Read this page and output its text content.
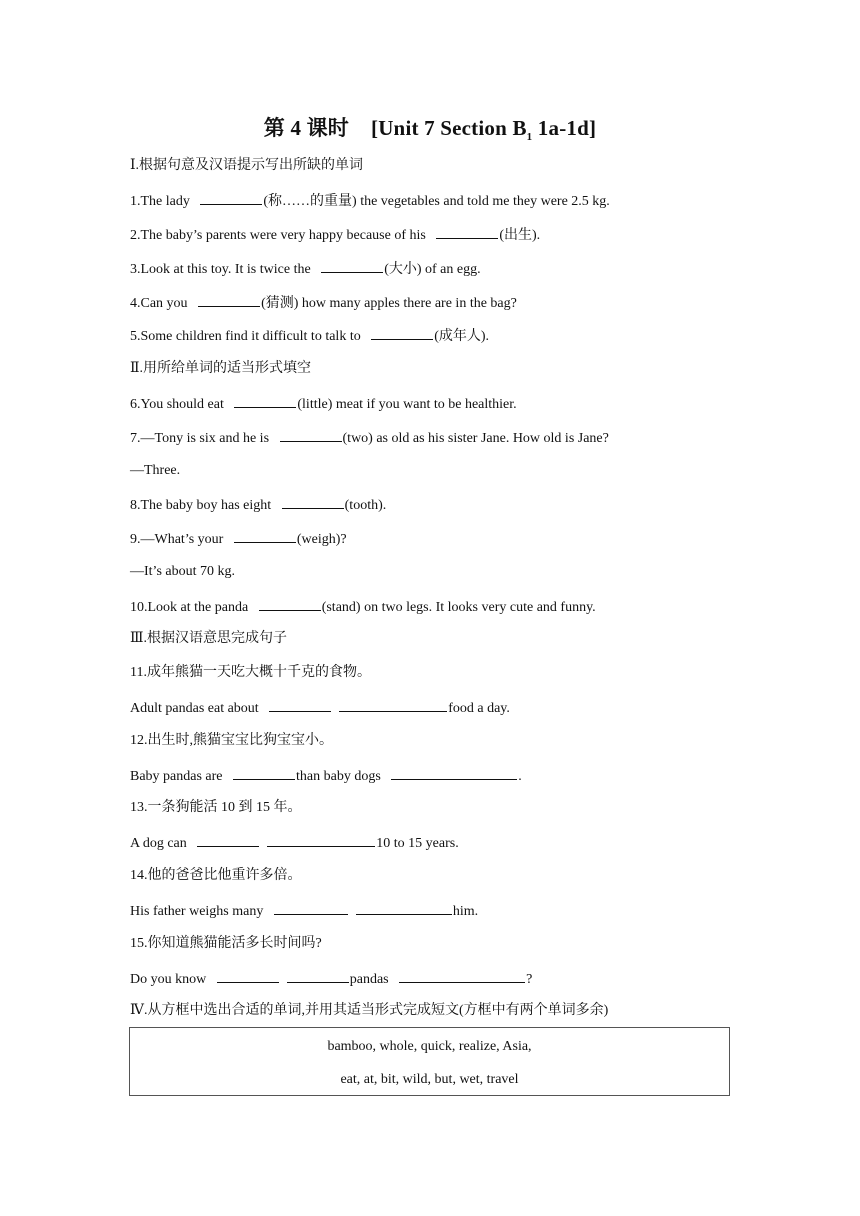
第 4 课时 [Unit 7 Section $B_1$ 1a-1d]
Ⅰ.根据句意及汉语提示写出所缺的单词
1.The lady	(称……的重量) the vegetables and told me they were 2.5 kg.
2.The baby’s parents were very happy because of his	(出生).
3.Look at this toy. It is twice the	(大小) of an egg.
4.Can you	(猜测) how many apples there are in the bag?
5.Some children find it difficult to talk to	(成年人).
Ⅱ.用所给单词的适当形式填空
6.You should eat	(little) meat if you want to be healthier.
7.—Tony is six and he is	(two) as old as his sister Jane. How old is Jane?
—Three.
8.The baby boy has eight	(tooth).
9.—What’s your	(weigh)?
—It’s about 70 kg.
10.Look at the panda	(stand) on two legs. It looks very cute and funny.
Ⅲ.根据汉语意思完成句子
11.成年熊猫一天吃大概十千克的食物。
Adult pandas eat about	food a day.
12.出生时,熊猫宝宝比狗宝宝小。
Baby pandas are	than baby dogs	.
13.一条狗能活 10 到 15 年。
A dog can	10 to 15 years.
14.他的爸爸比他重许多倍。
His father weighs many	him.
15.你知道熊猫能活多长时间吗?
Do you know	pandas	?
Ⅳ.从方框中选出合适的单词,并用其适当形式完成短文(方框中有两个单词多余)
bamboo, whole, quick, realize, Asia,
eat, at, bit, wild, but, wet, travel
